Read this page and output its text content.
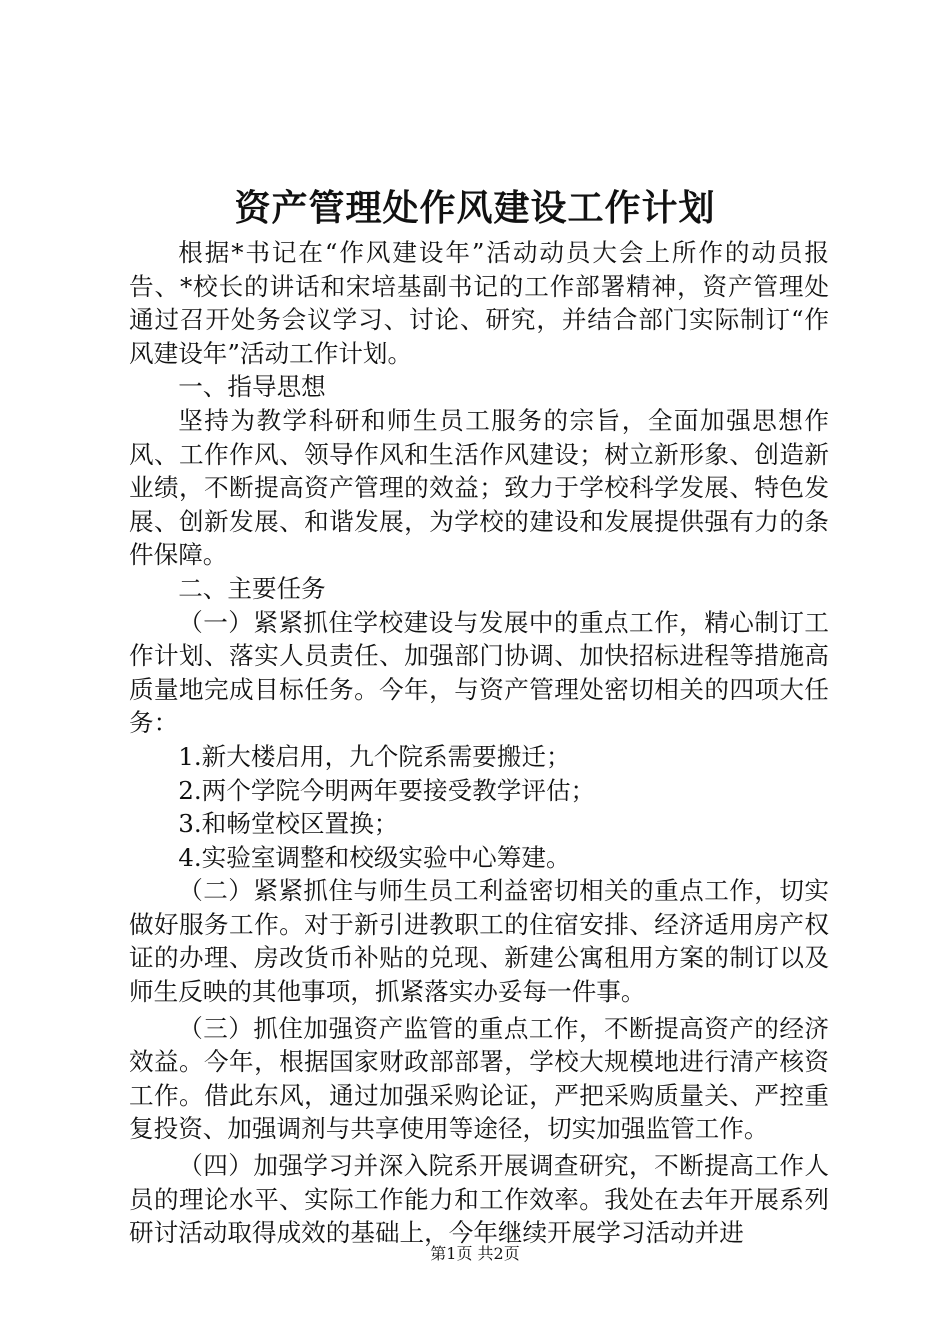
资产管理处作风建设工作计划

根据*书记在“作风建设年”活动动员大会上所作的动员报告、*校长的讲话和宋培基副书记的工作部署精神，资产管理处通过召开处务会议学习、讨论、研究，并结合部门实际制订“作风建设年”活动工作计划。

一、指导思想

坚持为教学科研和师生员工服务的宗旨，全面加强思想作风、工作作风、领导作风和生活作风建设；树立新形象、创造新业绩，不断提高资产管理的效益；致力于学校科学发展、特色发展、创新发展、和谐发展，为学校的建设和发展提供强有力的条件保障。

二、主要任务

（一）紧紧抓住学校建设与发展中的重点工作，精心制订工作计划、落实人员责任、加强部门协调、加快招标进程等措施高质量地完成目标任务。今年，与资产管理处密切相关的四项大任务：

1.新大楼启用，九个院系需要搬迁；

2.两个学院今明两年要接受教学评估；

3.和畅堂校区置换；

4.实验室调整和校级实验中心筹建。

（二）紧紧抓住与师生员工利益密切相关的重点工作，切实做好服务工作。对于新引进教职工的住宿安排、经济适用房产权证的办理、房改货币补贴的兑现、新建公寓租用方案的制订以及师生反映的其他事项，抓紧落实办妥每一件事。

（三）抓住加强资产监管的重点工作，不断提高资产的经济效益。今年，根据国家财政部部署，学校大规模地进行清产核资工作。借此东风，通过加强采购论证，严把采购质量关、严控重复投资、加强调剂与共享使用等途径，切实加强监管工作。

（四）加强学习并深入院系开展调查研究，不断提高工作人员的理论水平、实际工作能力和工作效率。我处在去年开展系列研讨活动取得成效的基础上，今年继续开展学习活动并进

第1页 共2页
